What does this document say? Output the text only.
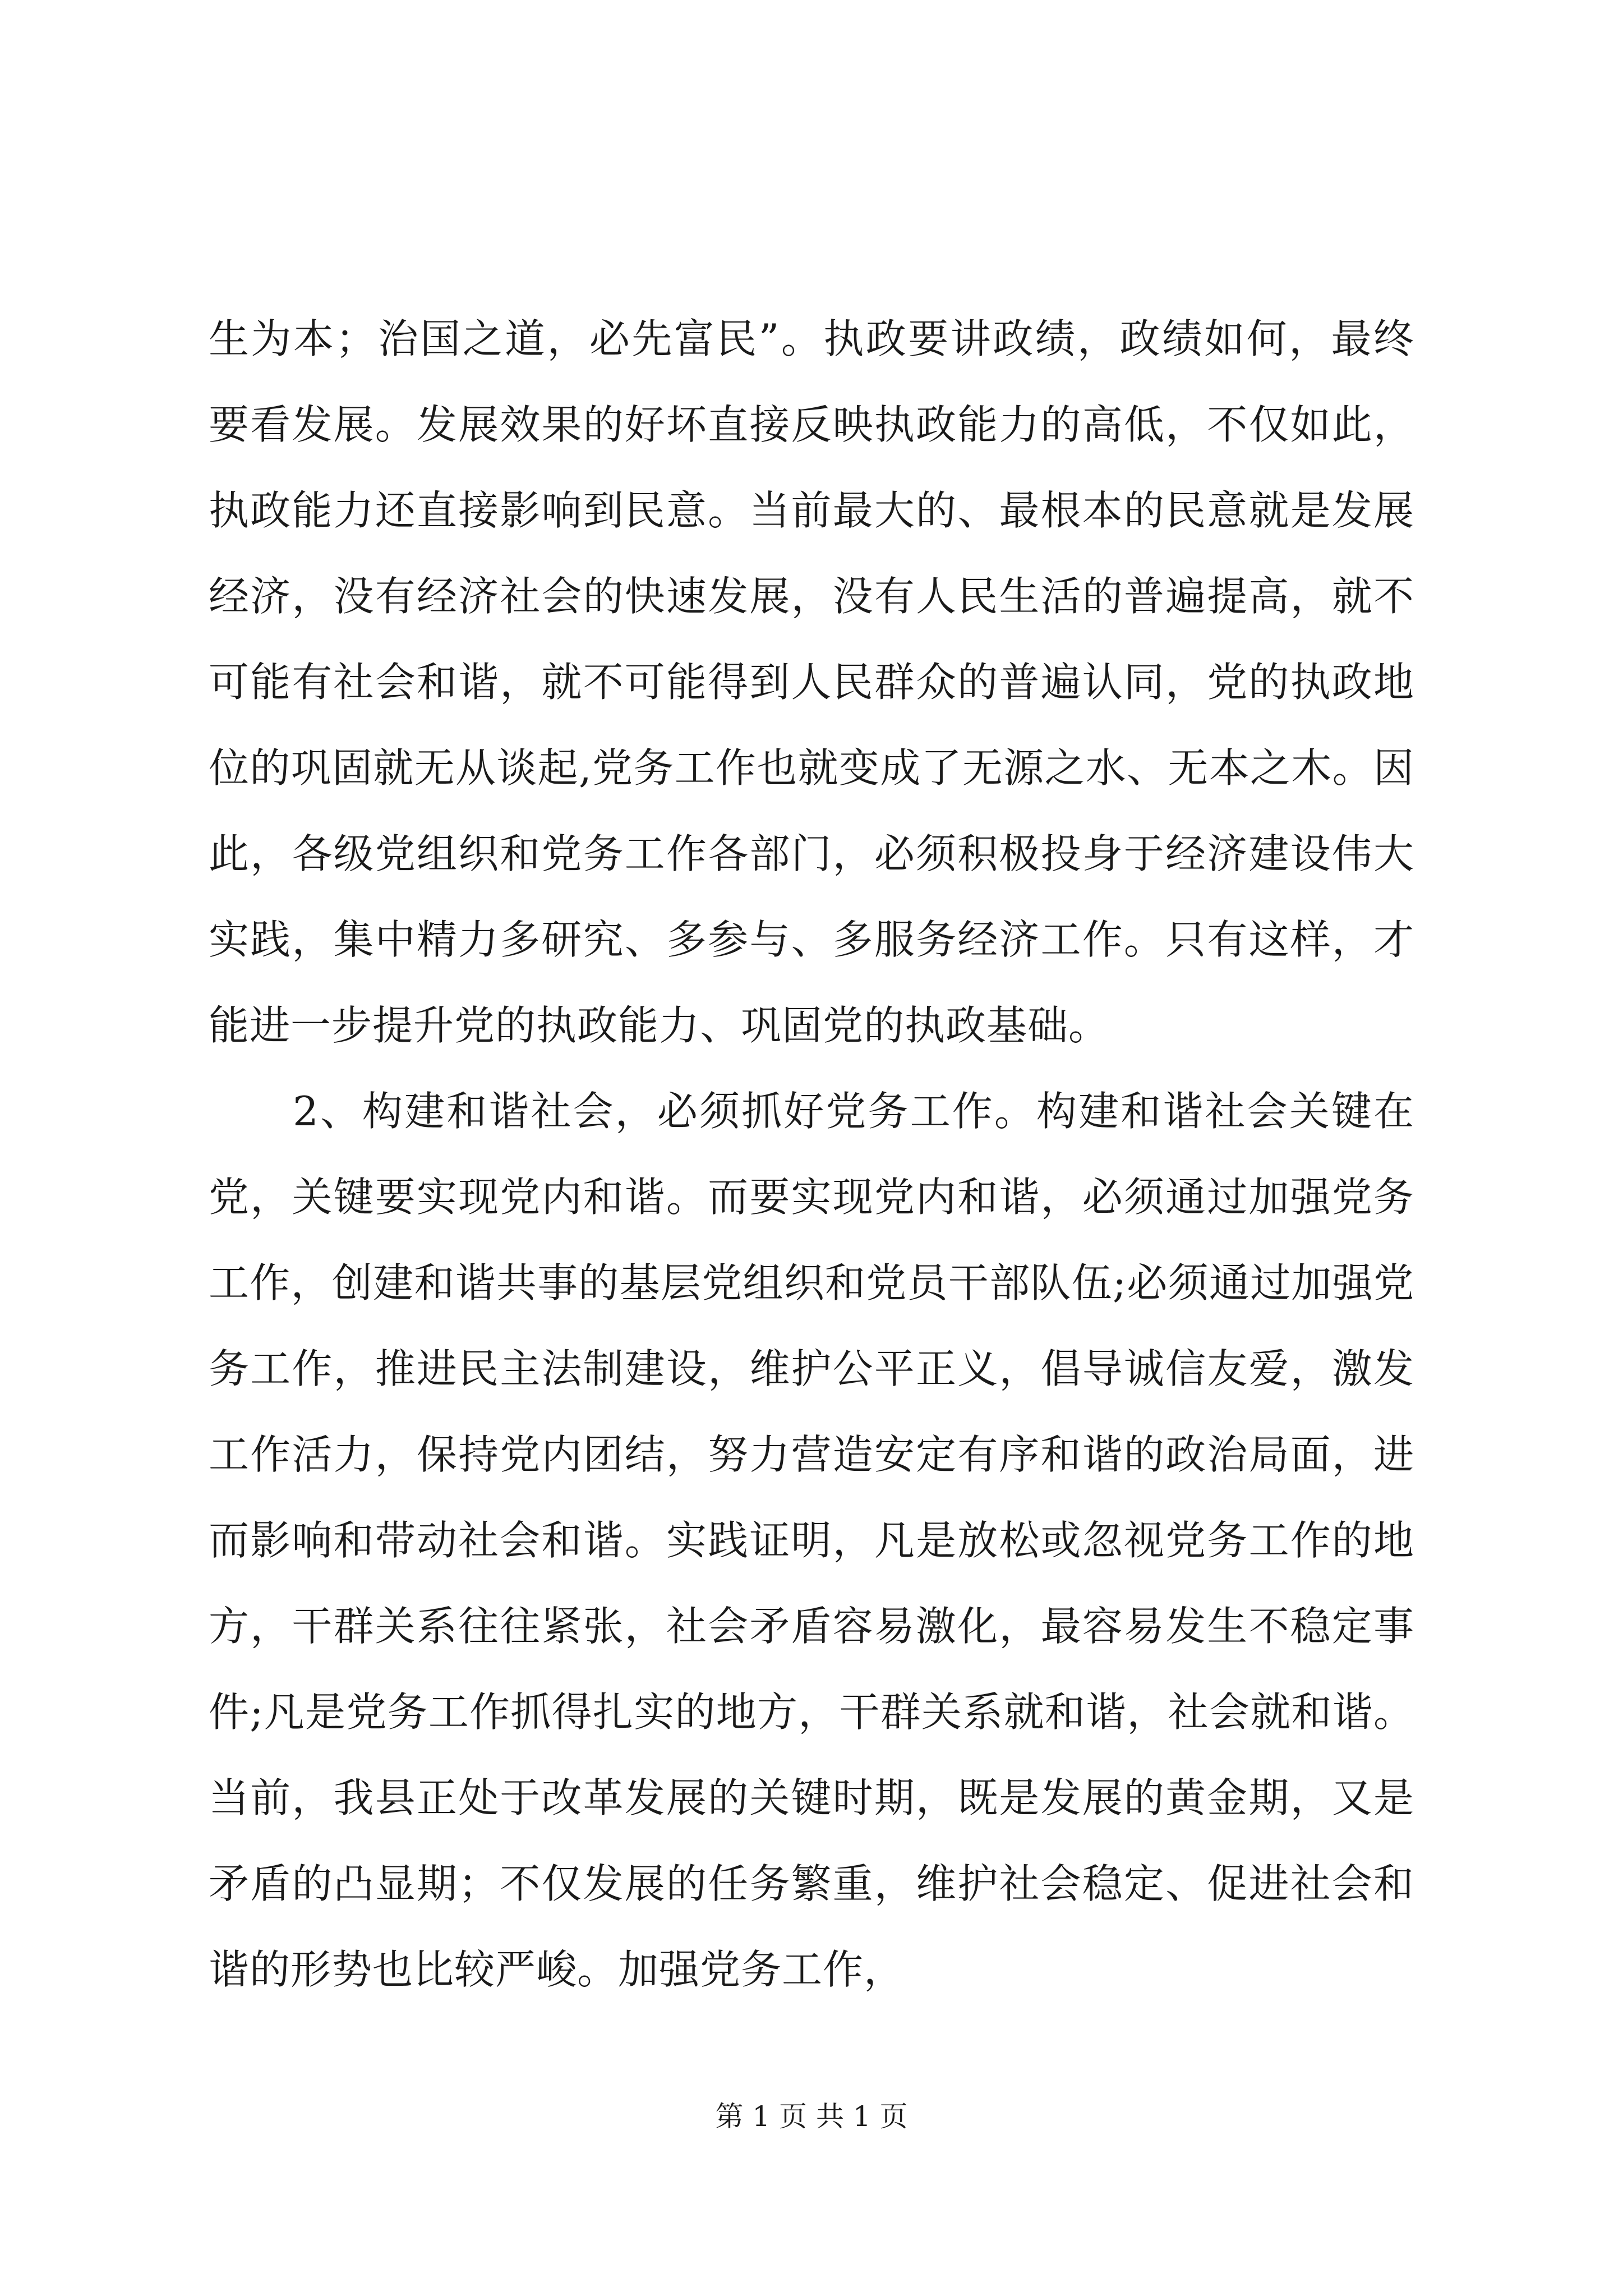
生为本；治国之道，必先富民”。执政要讲政绩，政绩如何，最终要看发展。发展效果的好坏直接反映执政能力的高低，不仅如此，执政能力还直接影响到民意。当前最大的、最根本的民意就是发展经济，没有经济社会的快速发展，没有人民生活的普遍提高，就不可能有社会和谐，就不可能得到人民群众的普遍认同，党的执政地位的巩固就无从谈起,党务工作也就变成了无源之水、无本之木。因此，各级党组织和党务工作各部门，必须积极投身于经济建设伟大实践，集中精力多研究、多参与、多服务经济工作。只有这样，才能进一步提升党的执政能力、巩固党的执政基础。

2、构建和谐社会，必须抓好党务工作。构建和谐社会关键在党，关键要实现党内和谐。而要实现党内和谐，必须通过加强党务工作，创建和谐共事的基层党组织和党员干部队伍;必须通过加强党务工作，推进民主法制建设，维护公平正义，倡导诚信友爱，激发工作活力，保持党内团结，努力营造安定有序和谐的政治局面，进而影响和带动社会和谐。实践证明，凡是放松或忽视党务工作的地方，干群关系往往紧张，社会矛盾容易激化，最容易发生不稳定事件;凡是党务工作抓得扎实的地方，干群关系就和谐，社会就和谐。当前，我县正处于改革发展的关键时期，既是发展的黄金期，又是矛盾的凸显期；不仅发展的任务繁重，维护社会稳定、促进社会和谐的形势也比较严峻。加强党务工作，

第 1 页 共 1 页
